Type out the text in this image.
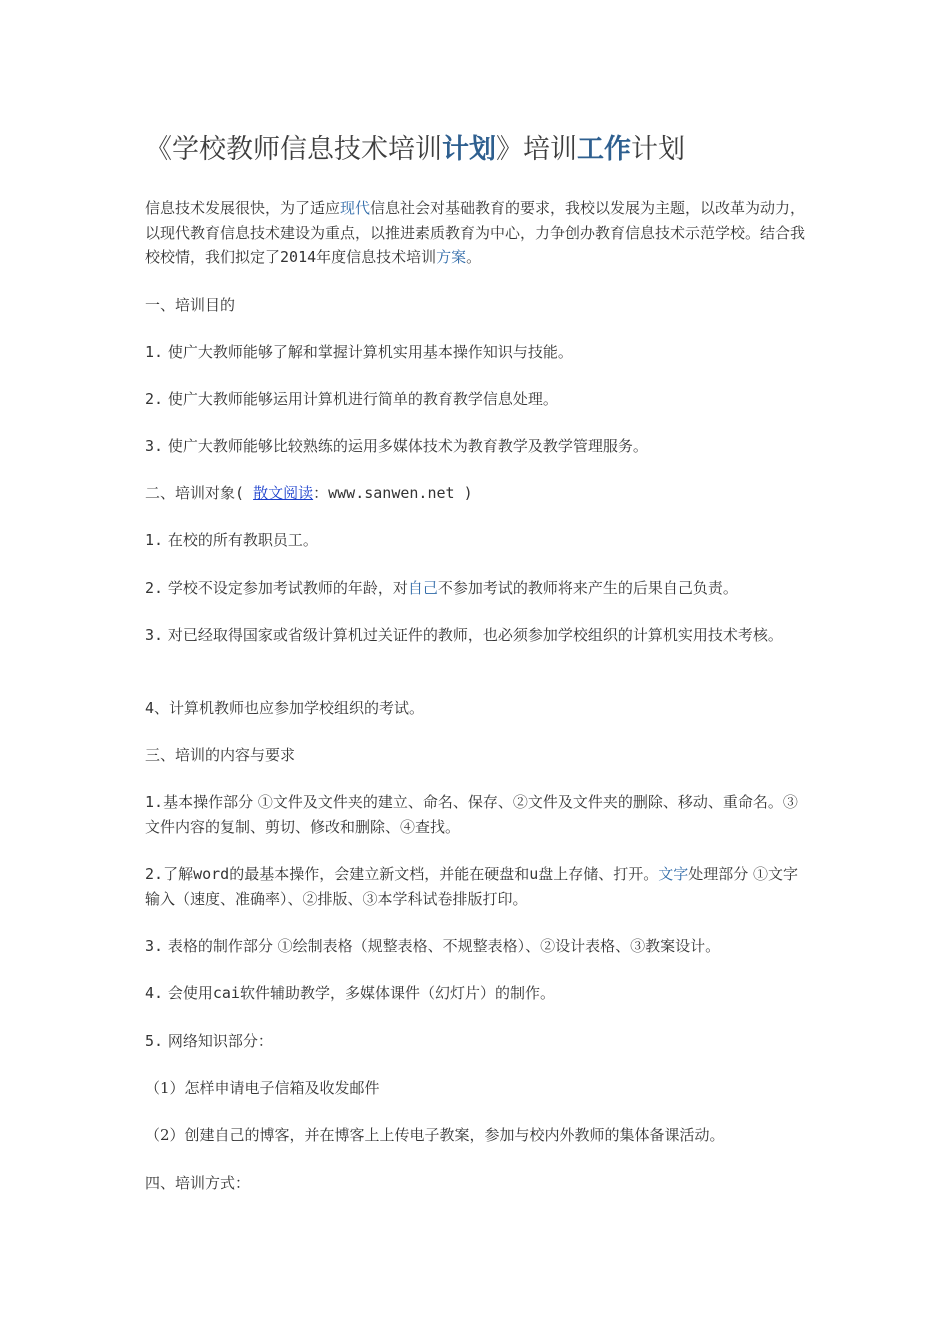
《学校教师信息技术培训计划》培训工作计划
信息技术发展很快，为了适应现代信息社会对基础教育的要求，我校以发展为主题，以改革为动力，以现代教育信息技术建设为重点，以推进素质教育为中心，力争创办教育信息技术示范学校。结合我校校情，我们拟定了2014年度信息技术培训方案。
一、培训目的
1. 使广大教师能够了解和掌握计算机实用基本操作知识与技能。
2. 使广大教师能够运用计算机进行简单的教育教学信息处理。
3. 使广大教师能够比较熟练的运用多媒体技术为教育教学及教学管理服务。
二、培训对象( 散文阅读：www.sanwen.net )
1. 在校的所有教职员工。
2. 学校不设定参加考试教师的年龄，对自己不参加考试的教师将来产生的后果自己负责。
3. 对已经取得国家或省级计算机过关证件的教师，也必须参加学校组织的计算机实用技术考核。
4、计算机教师也应参加学校组织的考试。
三、培训的内容与要求
1.基本操作部分 ①文件及文件夹的建立、命名、保存、②文件及文件夹的删除、移动、重命名。③文件内容的复制、剪切、修改和删除、④查找。
2.了解word的最基本操作，会建立新文档，并能在硬盘和u盘上存储、打开。文字处理部分 ①文字输入（速度、准确率）、②排版、③本学科试卷排版打印。
3. 表格的制作部分 ①绘制表格（规整表格、不规整表格）、②设计表格、③教案设计。
4. 会使用cai软件辅助教学，多媒体课件（幻灯片）的制作。
5. 网络知识部分：
（1）怎样申请电子信箱及收发邮件
（2）创建自己的博客，并在博客上上传电子教案，参加与校内外教师的集体备课活动。
四、培训方式：
